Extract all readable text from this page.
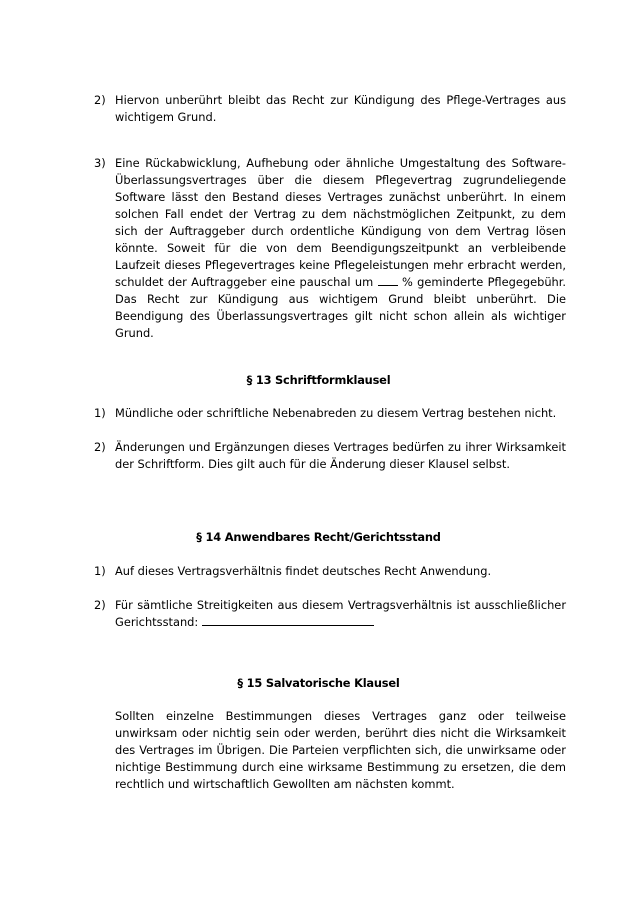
2) Hiervon unberührt bleibt das Recht zur Kündigung des Pflege-Vertrages aus wichtigem Grund.
3) Eine Rückabwicklung, Aufhebung oder ähnliche Umgestaltung des Software-Überlassungsvertrages über die diesem Pflegevertrag zugrundeliegende Software lässt den Bestand dieses Vertrages zunächst unberührt. In einem solchen Fall endet der Vertrag zu dem nächstmöglichen Zeitpunkt, zu dem sich der Auftraggeber durch ordentliche Kündigung von dem Vertrag lösen könnte. Soweit für die von dem Beendigungszeitpunkt an verbleibende Laufzeit dieses Pflegevertrages keine Pflegeleistungen mehr erbracht werden, schuldet der Auftraggeber eine pauschal um	% geminderte Pflegegebühr. Das Recht zur Kündigung aus wichtigem Grund bleibt unberührt. Die Beendigung des Überlassungsvertrages gilt nicht schon allein als wichtiger Grund.
§ 13 Schriftformklausel
1) Mündliche oder schriftliche Nebenabreden zu diesem Vertrag bestehen nicht.
2) Änderungen und Ergänzungen dieses Vertrages bedürfen zu ihrer Wirksamkeit der Schriftform. Dies gilt auch für die Änderung dieser Klausel selbst.
§ 14 Anwendbares Recht/Gerichtsstand
1) Auf dieses Vertragsverhältnis findet deutsches Recht Anwendung.
2) Für sämtliche Streitigkeiten aus diesem Vertragsverhältnis ist ausschließlicher Gerichtsstand:
§ 15 Salvatorische Klausel
Sollten einzelne Bestimmungen dieses Vertrages ganz oder teilweise unwirksam oder nichtig sein oder werden, berührt dies nicht die Wirksamkeit des Vertrages im Übrigen. Die Parteien verpflichten sich, die unwirksame oder nichtige Bestimmung durch eine wirksame Bestimmung zu ersetzen, die dem rechtlich und wirtschaftlich Gewollten am nächsten kommt.
